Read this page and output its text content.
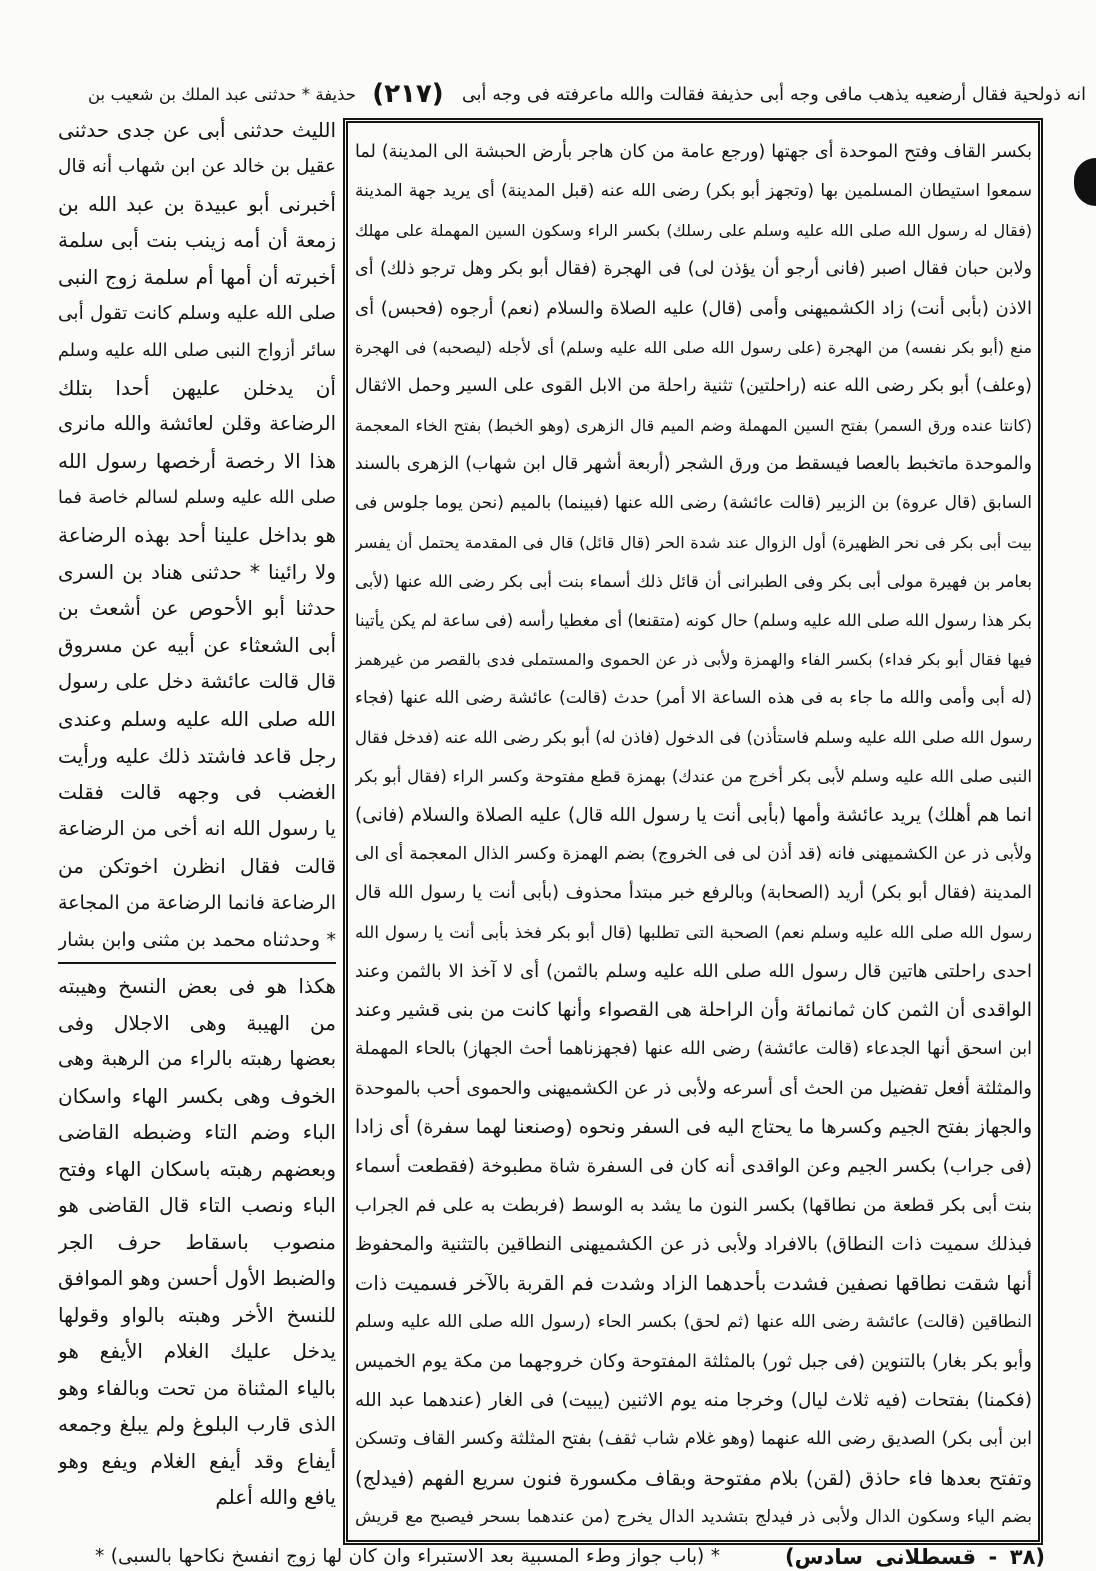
انه ذولحية فقال أرضعيه يذهب مافى وجه أبى حذيفة فقالت والله ماعرفته فى وجه أبى
(٢١٧)
حذيفة * حدثنى عبد الملك بن شعيب بن
بكسر القاف وفتح الموحدة أى جهتها (ورجع عامة من كان هاجر بأرض الحبشة الى المدينة) لما
سمعوا استيطان المسلمين بها (وتجهز أبو بكر) رضى الله عنه (قبل المدينة) أى يريد جهة المدينة
(فقال له رسول الله صلى الله عليه وسلم على رسلك) بكسر الراء وسكون السين المهملة على مهلك
ولابن حبان فقال اصبر (فانى أرجو أن يؤذن لى) فى الهجرة (فقال أبو بكر وهل ترجو ذلك) أى
الاذن (بأبى أنت) زاد الكشميهنى وأمى (قال) عليه الصلاة والسلام (نعم) أرجوه (فحبس) أى
منع (أبو بكر نفسه) من الهجرة (على رسول الله صلى الله عليه وسلم) أى لأجله (ليصحبه) فى الهجرة
(وعلف) أبو بكر رضى الله عنه (راحلتين) تثنية راحلة من الابل القوى على السير وحمل الاثقال
(كانتا عنده ورق السمر) بفتح السين المهملة وضم الميم قال الزهرى (وهو الخبط) بفتح الخاء المعجمة
والموحدة ماتخبط بالعصا فيسقط من ورق الشجر (أربعة أشهر قال ابن شهاب) الزهرى بالسند
السابق (قال عروة) بن الزبير (قالت عائشة) رضى الله عنها (فبينما) بالميم (نحن يوما جلوس فى
بيت أبى بكر فى نحر الظهيرة) أول الزوال عند شدة الحر (قال قائل) قال فى المقدمة يحتمل أن يفسر
بعامر بن فهيرة مولى أبى بكر وفى الطبرانى أن قائل ذلك أسماء بنت أبى بكر رضى الله عنها (لأبى
بكر هذا رسول الله صلى الله عليه وسلم) حال كونه (متقنعا) أى مغطيا رأسه (فى ساعة لم يكن يأتينا
فيها فقال أبو بكر فداء) بكسر الفاء والهمزة ولأبى ذر عن الحموى والمستملى فدى بالقصر من غيرهمز
(له أبى وأمى والله ما جاء به فى هذه الساعة الا أمر) حدث (قالت) عائشة رضى الله عنها (فجاء
رسول الله صلى الله عليه وسلم فاستأذن) فى الدخول (فاذن له) أبو بكر رضى الله عنه (فدخل فقال
النبى صلى الله عليه وسلم لأبى بكر أخرج من عندك) بهمزة قطع مفتوحة وكسر الراء (فقال أبو بكر
انما هم أهلك) يريد عائشة وأمها (بأبى أنت يا رسول الله قال) عليه الصلاة والسلام (فانى)
ولأبى ذر عن الكشميهنى فانه (قد أذن لى فى الخروج) بضم الهمزة وكسر الذال المعجمة أى الى
المدينة (فقال أبو بكر) أريد (الصحابة) وبالرفع خبر مبتدأ محذوف (بأبى أنت يا رسول الله قال
رسول الله صلى الله عليه وسلم نعم) الصحبة التى تطلبها (قال أبو بكر فخذ بأبى أنت يا رسول الله
احدى راحلتى هاتين قال رسول الله صلى الله عليه وسلم بالثمن) أى لا آخذ الا بالثمن وعند
الواقدى أن الثمن كان ثمانمائة وأن الراحلة هى القصواء وأنها كانت من بنى قشير وعند
ابن اسحق أنها الجدعاء (قالت عائشة) رضى الله عنها (فجهزناهما أحث الجهاز) بالحاء المهملة
والمثلثة أفعل تفضيل من الحث أى أسرعه ولأبى ذر عن الكشميهنى والحموى أحب بالموحدة
والجهاز بفتح الجيم وكسرها ما يحتاج اليه فى السفر ونحوه (وصنعنا لهما سفرة) أى زادا
(فى جراب) بكسر الجيم وعن الواقدى أنه كان فى السفرة شاة مطبوخة (فقطعت أسماء
بنت أبى بكر قطعة من نطاقها) بكسر النون ما يشد به الوسط (فربطت به على فم الجراب
فبذلك سميت ذات النطاق) بالافراد ولأبى ذر عن الكشميهنى النطاقين بالتثنية والمحفوظ
أنها شقت نطاقها نصفين فشدت بأحدهما الزاد وشدت فم القربة بالآخر فسميت ذات
النطاقين (قالت) عائشة رضى الله عنها (ثم لحق) بكسر الحاء (رسول الله صلى الله عليه وسلم
وأبو بكر بغار) بالتنوين (فى جبل ثور) بالمثلثة المفتوحة وكان خروجهما من مكة يوم الخميس
(فكمنا) بفتحات (فيه ثلاث ليال) وخرجا منه يوم الاثنين (يبيت) فى الغار (عندهما عبد الله
ابن أبى بكر) الصديق رضى الله عنهما (وهو غلام شاب ثقف) بفتح المثلثة وكسر القاف وتسكن
وتفتح بعدها فاء حاذق (لقن) بلام مفتوحة وبقاف مكسورة فنون سريع الفهم (فيدلج)
بضم الياء وسكون الدال ولأبى ذر فيدلج بتشديد الدال يخرج (من عندهما بسحر فيصبح مع قريش
الليث حدثنى أبى عن جدى حدثنى
عقيل بن خالد عن ابن شهاب أنه قال
أخبرنى أبو عبيدة بن عبد الله بن
زمعة أن أمه زينب بنت أبى سلمة
أخبرته أن أمها أم سلمة زوج النبى
صلى الله عليه وسلم كانت تقول أبى
سائر أزواج النبى صلى الله عليه وسلم
أن يدخلن عليهن أحدا بتلك
الرضاعة وقلن لعائشة والله مانرى
هذا الا رخصة أرخصها رسول الله
صلى الله عليه وسلم لسالم خاصة فما
هو بداخل علينا أحد بهذه الرضاعة
ولا رائينا * حدثنى هناد بن السرى
حدثنا أبو الأحوص عن أشعث بن
أبى الشعثاء عن أبيه عن مسروق
قال قالت عائشة دخل على رسول
الله صلى الله عليه وسلم وعندى
رجل قاعد فاشتد ذلك عليه ورأيت
الغضب فى وجهه قالت فقلت
يا رسول الله انه أخى من الرضاعة
قالت فقال انظرن اخوتكن من
الرضاعة فانما الرضاعة من المجاعة
* وحدثناه محمد بن مثنى وابن بشار
هكذا هو فى بعض النسخ وهيبته
من الهيبة وهى الاجلال وفى
بعضها رهبته بالراء من الرهبة وهى
الخوف وهى بكسر الهاء واسكان
الباء وضم التاء وضبطه القاضى
وبعضهم رهبته باسكان الهاء وفتح
الباء ونصب التاء قال القاضى هو
منصوب باسقاط حرف الجر
والضبط الأول أحسن وهو الموافق
للنسخ الأخر وهبته بالواو وقولها
يدخل عليك الغلام الأيفع هو
بالياء المثناة من تحت وبالفاء وهو
الذى قارب البلوغ ولم يبلغ وجمعه
أيفاع وقد أيفع الغلام ويفع وهو
يافع والله أعلم
(٣٨ - قسطلانى سادس)
* (باب جواز وطء المسبية بعد الاستبراء وان كان لها زوج انفسخ نكاحها بالسبى) *
